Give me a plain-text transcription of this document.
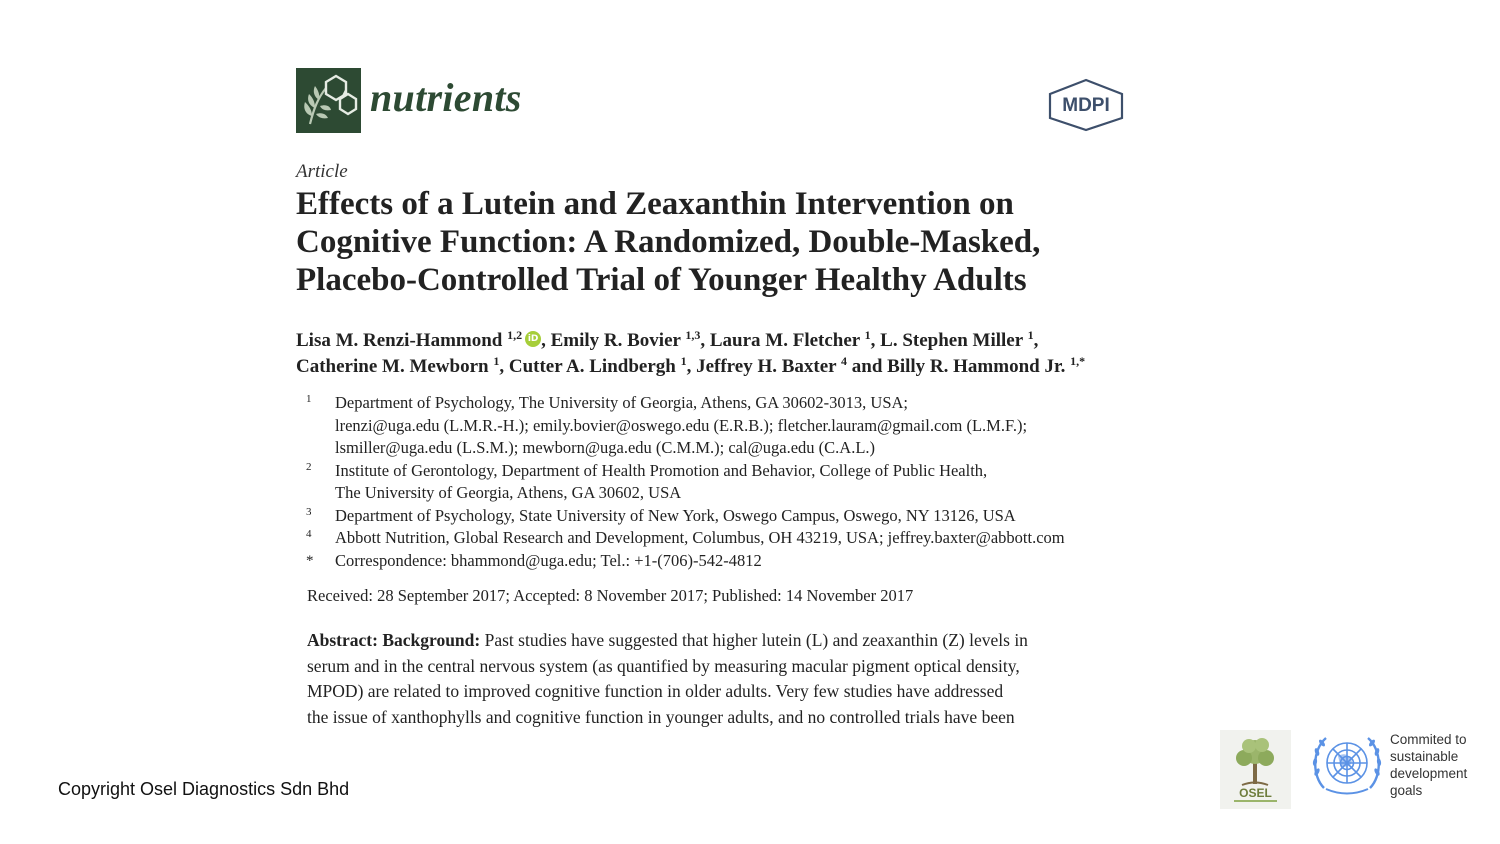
nutrients	MDPI
Article
Effects of a Lutein and Zeaxanthin Intervention on
Cognitive Function: A Randomized, Double-Masked,
Placebo-Controlled Trial of Younger Healthy Adults
Lisa M. Renzi-Hammond $^{1,2}$ iD , Emily R. Bovier $^{1,3}$, Laura M. Fletcher $^1$, L. Stephen Miller $^1$,
Catherine M. Mewborn $^1$, Cutter A. Lindbergh $^1$, Jeffrey H. Baxter $^4$ and Billy R. Hammond Jr. $^{1,*}$
1 Department of Psychology, The University of Georgia, Athens, GA 30602-3013, USA;
lrenzi@uga.edu (L.M.R.-H.); emily.bovier@oswego.edu (E.R.B.); fletcher.lauram@gmail.com (L.M.F.);
lsmiller@uga.edu (L.S.M.); mewborn@uga.edu (C.M.M.); cal@uga.edu (C.A.L.)
2 Institute of Gerontology, Department of Health Promotion and Behavior, College of Public Health,
The University of Georgia, Athens, GA 30602, USA
3 Department of Psychology, State University of New York, Oswego Campus, Oswego, NY 13126, USA
4 Abbott Nutrition, Global Research and Development, Columbus, OH 43219, USA; jeffrey.baxter@abbott.com
* Correspondence: bhammond@uga.edu; Tel.: +1-(706)-542-4812
Received: 28 September 2017; Accepted: 8 November 2017; Published: 14 November 2017
Abstract: Background: Past studies have suggested that higher lutein (L) and zeaxanthin (Z) levels in
serum and in the central nervous system (as quantified by measuring macular pigment optical density,
MPOD) are related to improved cognitive function in older adults. Very few studies have addressed
the issue of xanthophylls and cognitive function in younger adults, and no controlled trials have been
Copyright Osel Diagnostics Sdn Bhd	OSEL
Commited to
sustainable
development
goals
